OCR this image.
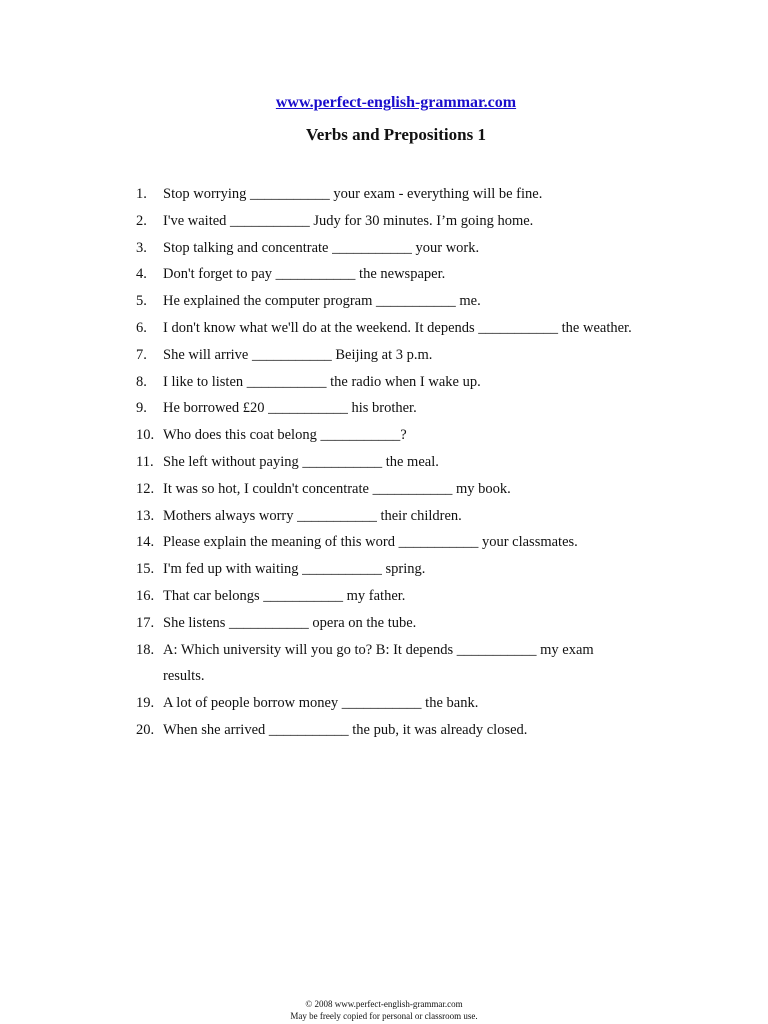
www.perfect-english-grammar.com
Verbs and Prepositions 1
1.	Stop worrying ___________ your exam - everything will be fine.
2.	I've waited ___________ Judy for 30 minutes. I’m going home.
3.	Stop talking and concentrate ___________ your work.
4.	Don't forget to pay ___________ the newspaper.
5.	He explained the computer program ___________ me.
6.	I don't know what we'll do at the weekend. It depends ___________ the weather.
7.	She will arrive ___________ Beijing at 3 p.m.
8.	I like to listen ___________ the radio when I wake up.
9.	He borrowed £20 ___________ his brother.
10. Who does this coat belong ___________?
11. She left without paying ___________ the meal.
12. It was so hot, I couldn't concentrate ___________ my book.
13. Mothers always worry ___________ their children.
14. Please explain the meaning of this word ___________ your classmates.
15. I'm fed up with waiting ___________ spring.
16. That car belongs ___________ my father.
17. She listens ___________ opera on the tube.
18. A: Which university will you go to? B: It depends ___________ my exam results.
19. A lot of people borrow money ___________ the bank.
20. When she arrived ___________ the pub, it was already closed.
© 2008 www.perfect-english-grammar.com
May be freely copied for personal or classroom use.
